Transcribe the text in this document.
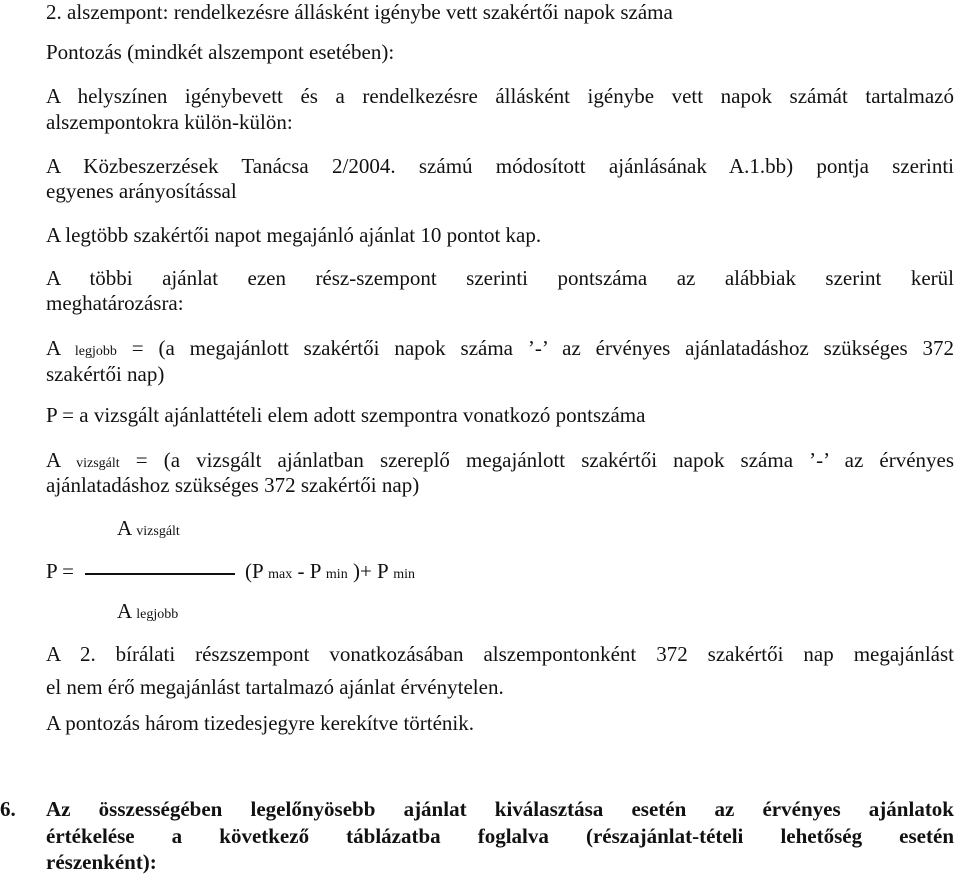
2. alszempont: rendelkezésre állásként igénybe vett szakértői napok száma
Pontozás (mindkét alszempont esetében):
A helyszínen igénybevett és a rendelkezésre állásként igénybe vett napok számát tartalmazó
alszempontokra külön-külön:
A Közbeszerzések Tanácsa 2/2004. számú módosított ajánlásának A.1.bb) pontja szerinti
egyenes arányosítással
A legtöbb szakértői napot megajánló ajánlat 10 pontot kap.
A többi ajánlat ezen rész-szempont szerinti pontszáma az alábbiak szerint kerül
meghatározásra:
A legjobb = (a megajánlott szakértői napok száma ’-’ az érvényes ajánlatadáshoz szükséges 372
szakértői nap)
P = a vizsgált ajánlattételi elem adott szempontra vonatkozó pontszáma
A vizsgált = (a vizsgált ajánlatban szereplő megajánlott szakértői napok száma ’-’ az érvényes
ajánlatadáshoz szükséges 372 szakértői nap)
A vizsgált
P =	(P max - P min )+ P min
A legjobb
A 2. bírálati részszempont vonatkozásában alszempontonként 372 szakértői nap megajánlást
el nem érő megajánlást tartalmazó ajánlat érvénytelen.
A pontozás három tizedesjegyre kerekítve történik.
6. Az összességében legelőnyösebb ajánlat kiválasztása esetén az érvényes ajánlatok
értékelése a következő táblázatba foglalva (részajánlat-tételi lehetőség esetén
részenként):
